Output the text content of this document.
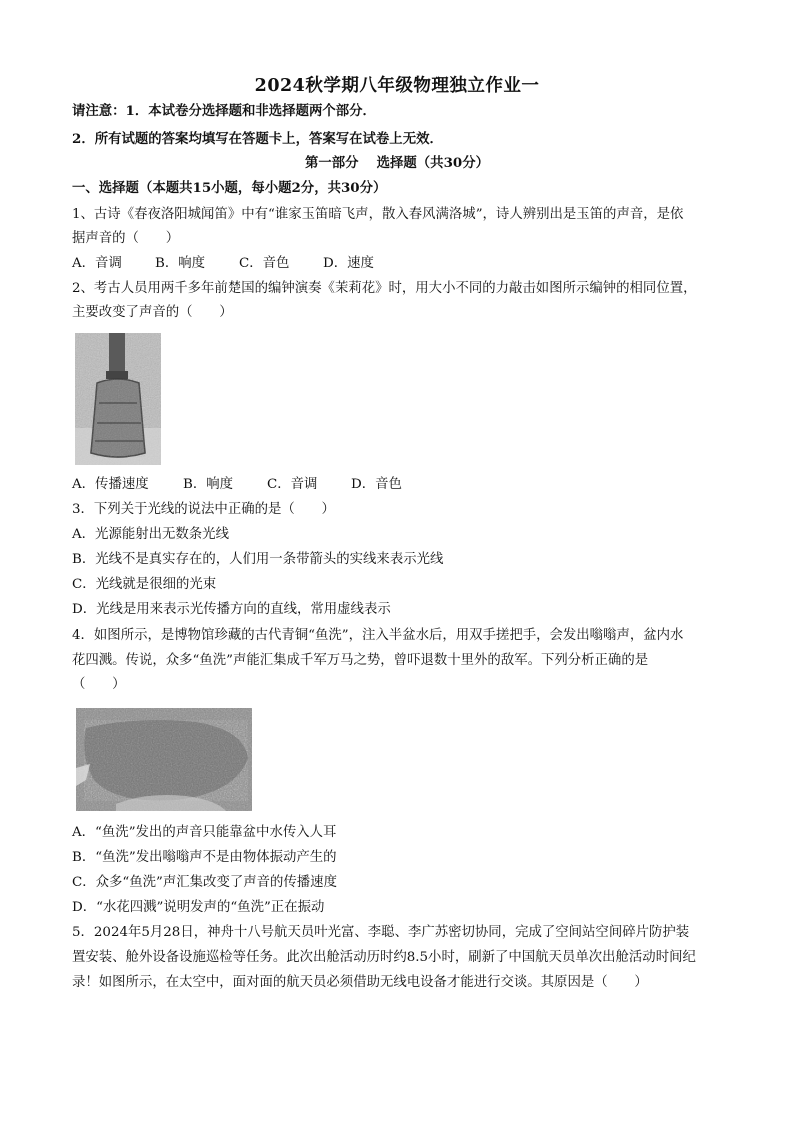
2024秋学期八年级物理独立作业一
请注意：1．本试卷分选择题和非选择题两个部分．
2．所有试题的答案均填写在答题卡上，答案写在试卷上无效．
第一部分　 选择题（共30分）
一、选择题（本题共15小题，每小题2分，共30分）
1、古诗《春夜洛阳城闻笛》中有“谁家玉笛暗飞声，散入春风满洛城”，诗人辨别出是玉笛的声音，是依
据声音的（　　）
A．音调 B．响度	C．音色	D．速度
2、考古人员用两千多年前楚国的编钟演奏《茉莉花》时，用大小不同的力敲击如图所示编钟的相同位置，
主要改变了声音的（　　）
A．传播速度	B．响度	C．音调	D．音色
3．下列关于光线的说法中正确的是（　　）
A．光源能射出无数条光线
B．光线不是真实存在的，人们用一条带箭头的实线来表示光线
C．光线就是很细的光束
D．光线是用来表示光传播方向的直线，常用虚线表示
4．如图所示，是博物馆珍藏的古代青铜“鱼洗”，注入半盆水后，用双手搓把手，会发出嗡嗡声，盆内水
花四溅。传说，众多“鱼洗”声能汇集成千军万马之势，曾吓退数十里外的敌军。下列分析正确的是
（　　）
A．“鱼洗”发出的声音只能靠盆中水传入人耳
B．“鱼洗”发出嗡嗡声不是由物体振动产生的
C．众多“鱼洗”声汇集改变了声音的传播速度
D．“水花四溅”说明发声的“鱼洗”正在振动
5．2024年5月28日，神舟十八号航天员叶光富、李聪、李广苏密切协同，完成了空间站空间碎片防护装
置安装、舱外设备设施巡检等任务。此次出舱活动历时约8.5小时，刷新了中国航天员单次出舱活动时间纪
录！如图所示，在太空中，面对面的航天员必须借助无线电设备才能进行交谈。其原因是（　　）
